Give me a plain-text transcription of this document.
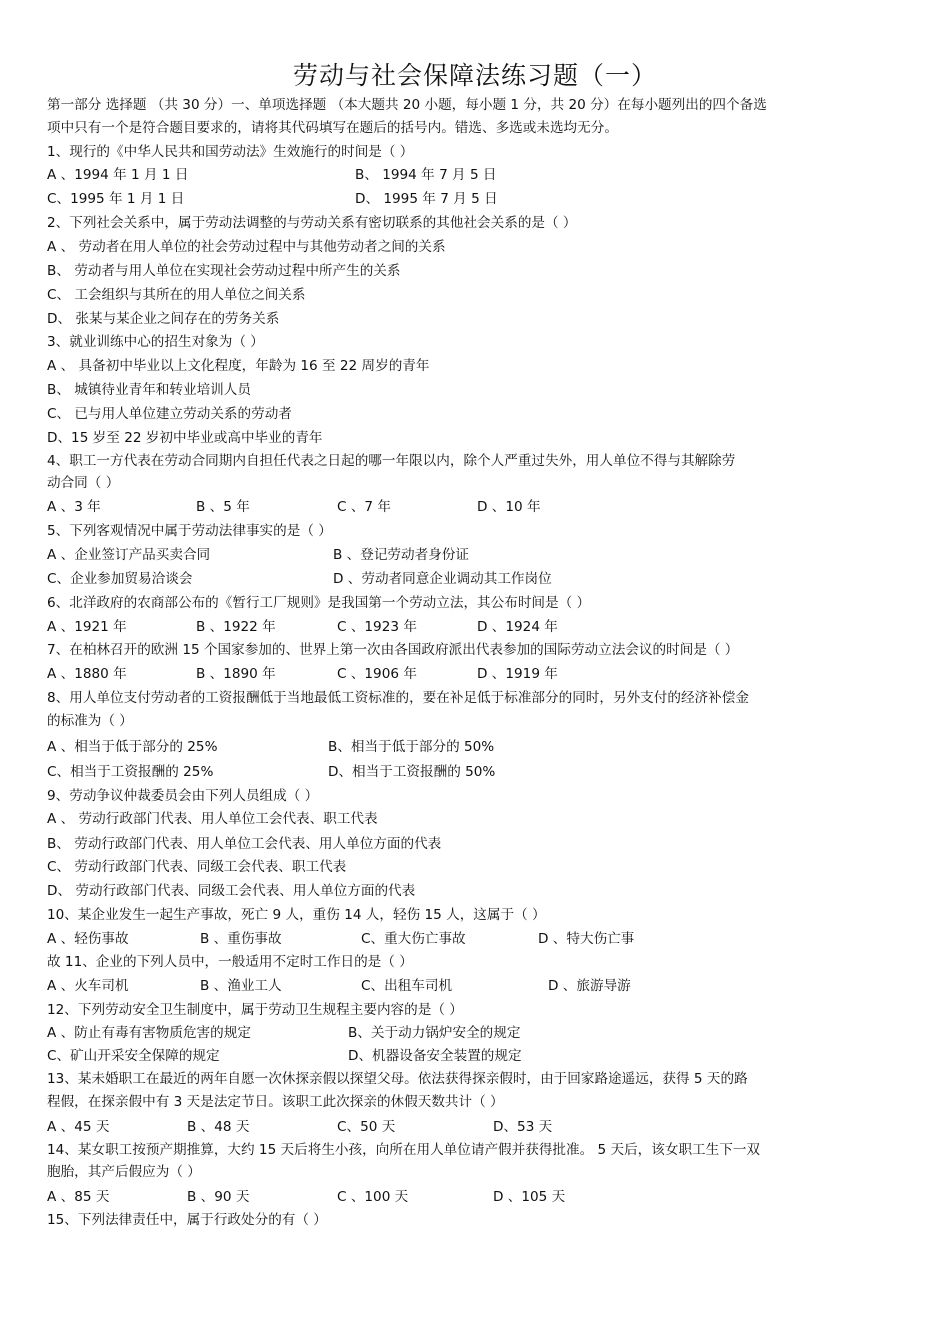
劳动与社会保障法练习题（一）
第一部分 选择题 （共 30 分）一、单项选择题 （本大题共 20 小题，每小题 1 分，共 20 分）在每小题列出的四个备选
项中只有一个是符合题目要求的，请将其代码填写在题后的括号内。错选、多选或未选均无分。
1、现行的《中华人民共和国劳动法》生效施行的时间是（ ）
A 、1994 年 1 月 1 日	B、 1994 年 7 月 5 日
C、1995 年 1 月 1 日	D、 1995 年 7 月 5 日
2、下列社会关系中，属于劳动法调整的与劳动关系有密切联系的其他社会关系的是（ ）
A 、 劳动者在用人单位的社会劳动过程中与其他劳动者之间的关系
B、 劳动者与用人单位在实现社会劳动过程中所产生的关系
C、 工会组织与其所在的用人单位之间关系
D、 张某与某企业之间存在的劳务关系
3、就业训练中心的招生对象为（ ）
A 、 具备初中毕业以上文化程度，年龄为 16 至 22 周岁的青年
B、 城镇待业青年和转业培训人员
C、 已与用人单位建立劳动关系的劳动者
D、15 岁至 22 岁初中毕业或高中毕业的青年
4、职工一方代表在劳动合同期内自担任代表之日起的哪一年限以内，除个人严重过失外，用人单位不得与其解除劳
动合同（ ）
A 、3 年	B 、5 年	C 、7 年	D 、10 年
5、下列客观情况中属于劳动法律事实的是（ ）
A 、企业签订产品买卖合同	B 、登记劳动者身份证
C、企业参加贸易洽谈会	D 、劳动者同意企业调动其工作岗位
6、北洋政府的农商部公布的《暂行工厂规则》是我国第一个劳动立法，其公布时间是（ ）
A 、1921 年	B 、1922 年	C 、1923 年	D 、1924 年
7、在柏林召开的欧洲 15 个国家参加的、世界上第一次由各国政府派出代表参加的国际劳动立法会议的时间是（ ）
A 、1880 年	B 、1890 年	C 、1906 年	D 、1919 年
8、用人单位支付劳动者的工资报酬低于当地最低工资标准的，要在补足低于标准部分的同时，另外支付的经济补偿金
的标准为（ ）
A 、相当于低于部分的 25%	B、相当于低于部分的 50%
C、相当于工资报酬的 25%	D、相当于工资报酬的 50%
9、劳动争议仲裁委员会由下列人员组成（ ）
A 、 劳动行政部门代表、用人单位工会代表、职工代表
B、 劳动行政部门代表、用人单位工会代表、用人单位方面的代表
C、 劳动行政部门代表、同级工会代表、职工代表
D、 劳动行政部门代表、同级工会代表、用人单位方面的代表
10、某企业发生一起生产事故，死亡 9 人，重伤 14 人，轻伤 15 人，这属于（ ）
A 、轻伤事故	B 、重伤事故	C、重大伤亡事故	D 、特大伤亡事
故 11、企业的下列人员中，一般适用不定时工作日的是（ ）
A 、火车司机	B 、渔业工人	C、出租车司机	D 、旅游导游
12、下列劳动安全卫生制度中，属于劳动卫生规程主要内容的是（ ）
A 、防止有毒有害物质危害的规定	B、关于动力锅炉安全的规定
C、矿山开采安全保障的规定	D、机器设备安全装置的规定
13、某未婚职工在最近的两年自愿一次休探亲假以探望父母。依法获得探亲假时，由于回家路途遥远，获得 5 天的路
程假，在探亲假中有 3 天是法定节日。该职工此次探亲的休假天数共计（ ）
A 、45 天	B 、48 天	C、50 天	D、53 天
14、某女职工按预产期推算，大约 15 天后将生小孩，向所在用人单位请产假并获得批准。 5 天后，该女职工生下一双
胞胎，其产后假应为（ ）
A 、85 天	B 、90 天	C 、100 天	D 、105 天
15、下列法律责任中，属于行政处分的有（ ）
